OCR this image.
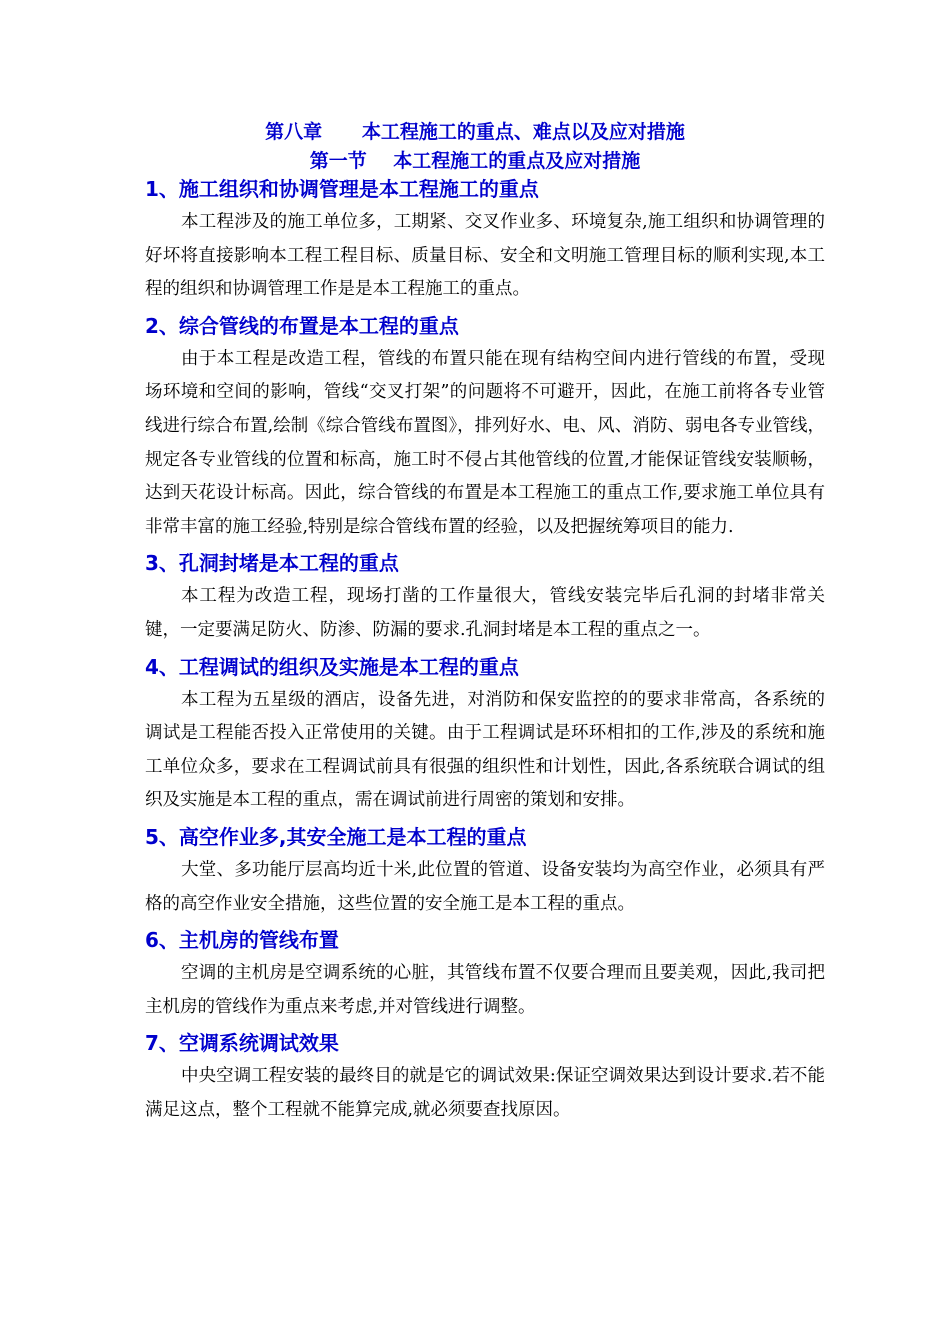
第八章      本工程施工的重点、难点以及应对措施

第一节    本工程施工的重点及应对措施

1、施工组织和协调管理是本工程施工的重点

本工程涉及的施工单位多，工期紧、交叉作业多、环境复杂,施工组织和协调管理的好坏将直接影响本工程工程目标、质量目标、安全和文明施工管理目标的顺利实现,本工程的组织和协调管理工作是是本工程施工的重点。

2、综合管线的布置是本工程的重点

由于本工程是改造工程，管线的布置只能在现有结构空间内进行管线的布置，受现场环境和空间的影响，管线“交叉打架”的问题将不可避开，因此，在施工前将各专业管线进行综合布置,绘制《综合管线布置图》，排列好水、电、风、消防、弱电各专业管线，规定各专业管线的位置和标高，施工时不侵占其他管线的位置,才能保证管线安装顺畅，达到天花设计标高。因此，综合管线的布置是本工程施工的重点工作,要求施工单位具有非常丰富的施工经验,特别是综合管线布置的经验，以及把握统筹项目的能力.

3、孔洞封堵是本工程的重点

本工程为改造工程，现场打凿的工作量很大，管线安装完毕后孔洞的封堵非常关键，一定要满足防火、防渗、防漏的要求.孔洞封堵是本工程的重点之一。

4、工程调试的组织及实施是本工程的重点

本工程为五星级的酒店，设备先进，对消防和保安监控的的要求非常高，各系统的调试是工程能否投入正常使用的关键。由于工程调试是环环相扣的工作,涉及的系统和施工单位众多，要求在工程调试前具有很强的组织性和计划性，因此,各系统联合调试的组织及实施是本工程的重点，需在调试前进行周密的策划和安排。

5、高空作业多,其安全施工是本工程的重点

大堂、多功能厅层高均近十米,此位置的管道、设备安装均为高空作业，必须具有严格的高空作业安全措施，这些位置的安全施工是本工程的重点。

6、主机房的管线布置

空调的主机房是空调系统的心脏，其管线布置不仅要合理而且要美观，因此,我司把主机房的管线作为重点来考虑,并对管线进行调整。

7、空调系统调试效果

中央空调工程安装的最终目的就是它的调试效果:保证空调效果达到设计要求.若不能满足这点，整个工程就不能算完成,就必须要查找原因。
